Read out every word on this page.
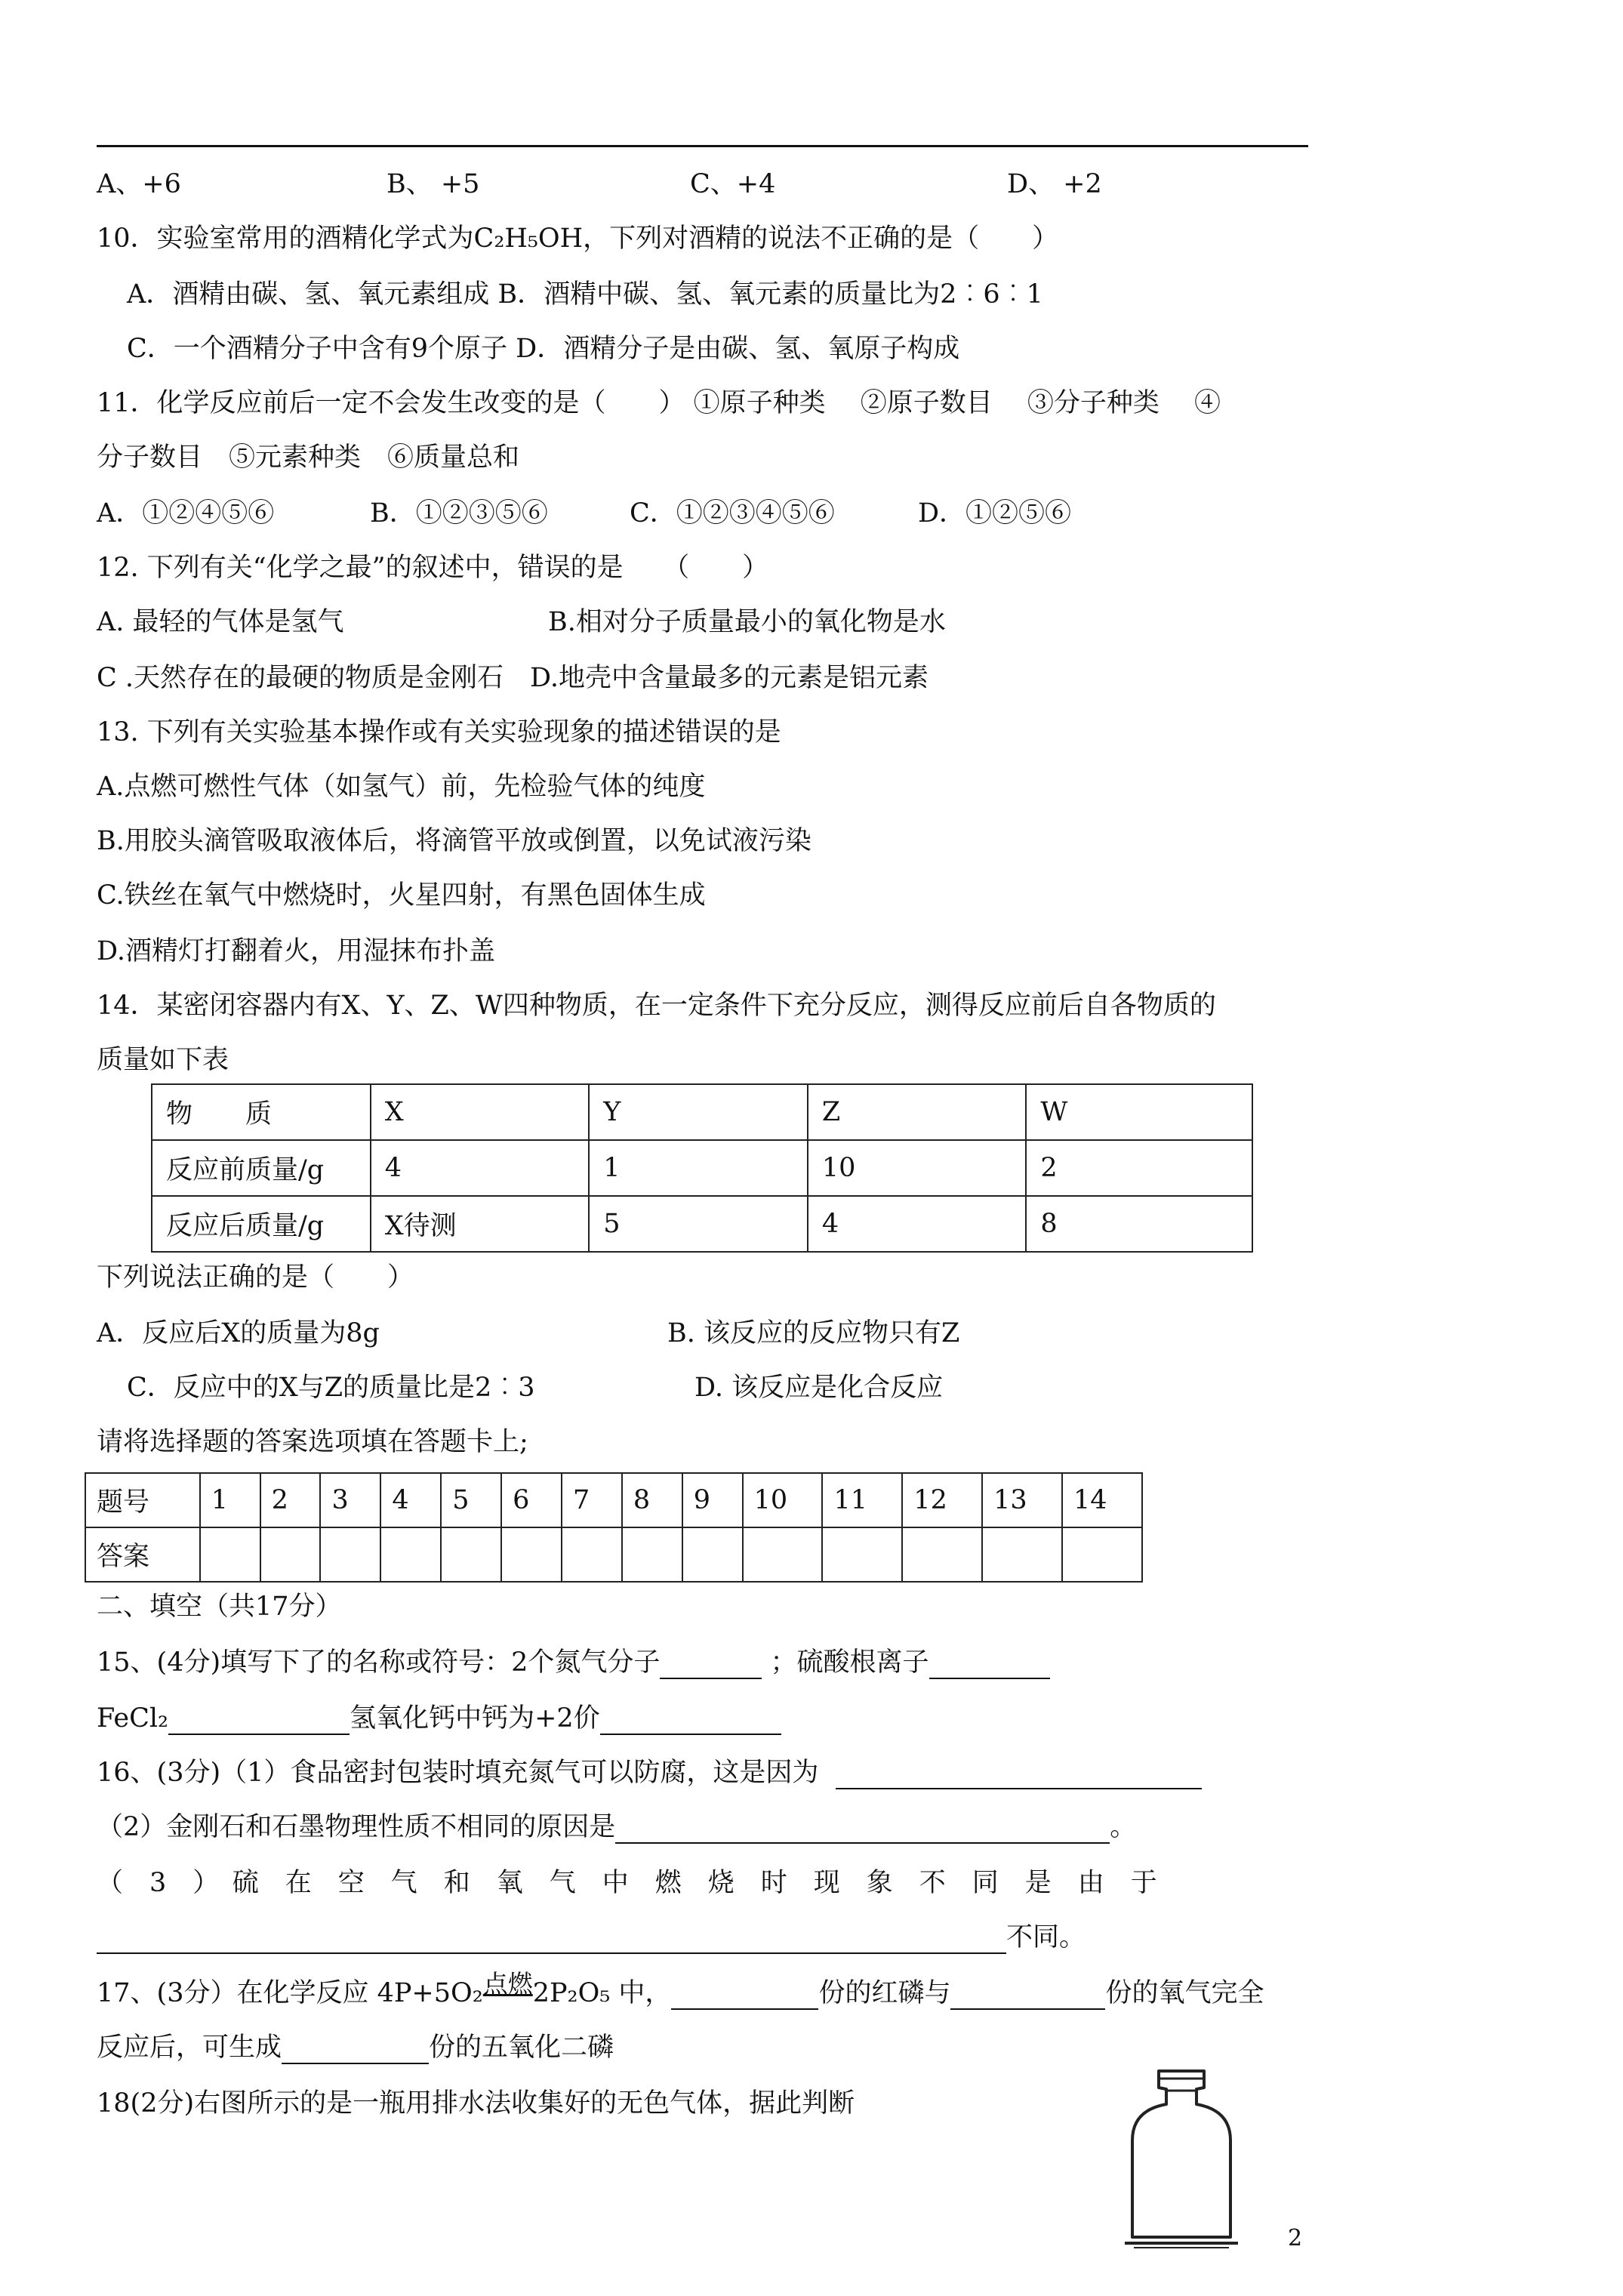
A、+6	B、 +5	C、+4	D、 +2
10．实验室常用的酒精化学式为C₂H₅OH，下列对酒精的说法不正确的是（　　）
A．酒精由碳、氢、氧元素组成 B．酒精中碳、氢、氧元素的质量比为2︰6︰1
C．一个酒精分子中含有9个原子 D．酒精分子是由碳、氢、氧原子构成
11．化学反应前后一定不会发生改变的是（　　） ①原子种类　 ②原子数目　 ③分子种类　 ④
分子数目　⑤元素种类　⑥质量总和
A．①②④⑤⑥	B．①②③⑤⑥	C．①②③④⑤⑥	D．①②⑤⑥
12. 下列有关“化学之最”的叙述中，错误的是　　（　　）
A. 最轻的气体是氢气	B.相对分子质量最小的氧化物是水
C .天然存在的最硬的物质是金刚石　D.地壳中含量最多的元素是铝元素
13. 下列有关实验基本操作或有关实验现象的描述错误的是
A.点燃可燃性气体（如氢气）前，先检验气体的纯度
B.用胶头滴管吸取液体后，将滴管平放或倒置，以免试液污染
C.铁丝在氧气中燃烧时，火星四射，有黑色固体生成
D.酒精灯打翻着火，用湿抹布扑盖
14．某密闭容器内有X、Y、Z、W四种物质，在一定条件下充分反应，测得反应前后自各物质的
质量如下表
物　　质	X	Y	Z	W
反应前质量/g	4	1	10	2
反应后质量/g	X待测	5	4	8
下列说法正确的是（　　）
A．反应后X的质量为8g	B. 该反应的反应物只有Z
C．反应中的X与Z的质量比是2︰3	D. 该反应是化合反应
请将选择题的答案选项填在答题卡上;
题号	1	2	3	4	5	6	7	8	9	10	11	12	13	14
答案														
二、填空（共17分）
15、(4分)填写下了的名称或符号：2个氮气分子	；硫酸根离子
FeCl₂	氢氧化钙中钙为+2价
16、(3分)（1）食品密封包装时填充氮气可以防腐，这是因为
（2）金刚石和石墨物理性质不相同的原因是	。
（　3　）　硫　在　空　气　和　氧　气　中　燃　烧　时　现　象　不　同　是　由　于
不同。
17、(3分）在化学反应 4P+5O₂点燃2P₂O₅ 中，	份的红磷与	份的氧气完全
反应后，可生成	份的五氧化二磷
18(2分)右图所示的是一瓶用排水法收集好的无色气体，据此判断
2
